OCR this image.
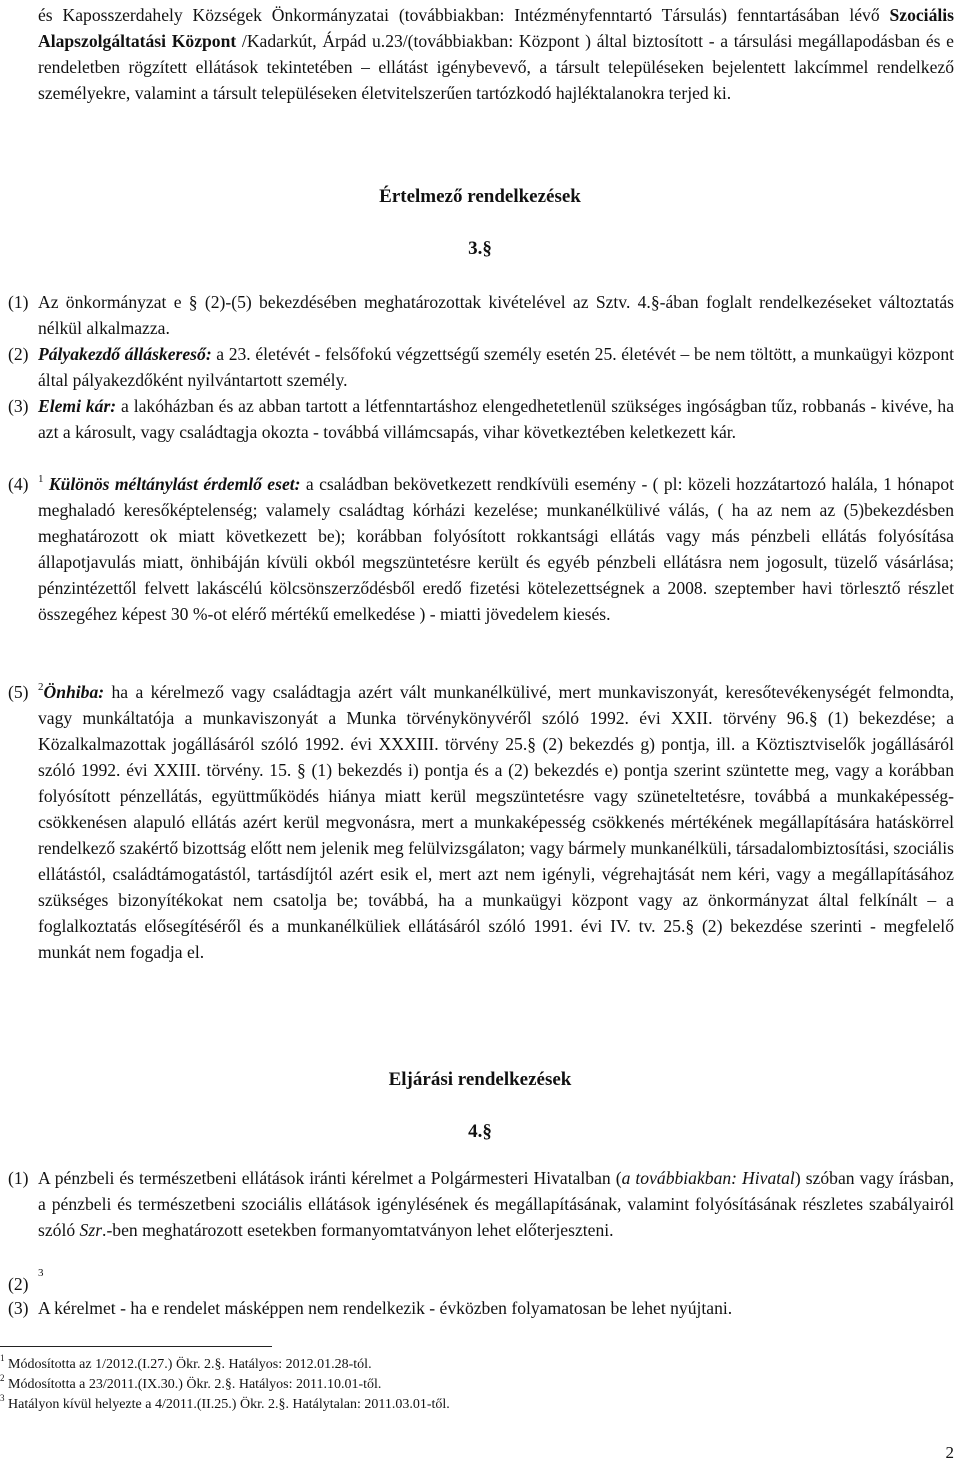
és Kaposszerdahely Községek Önkormányzatai (továbbiakban: Intézményfenntartó Társulás) fenntartásában lévő Szociális Alapszolgáltatási Központ /Kadarkút, Árpád u.23/(továbbiakban: Központ ) által biztosított - a társulási megállapodásban és e rendeletben rögzített ellátások tekintetében – ellátást igénybevevő, a társult településeken bejelentett lakcímmel rendelkező személyekre, valamint a társult településeken életvitelszerűen tartózkodó hajléktalanokra terjed ki.
Értelmező rendelkezések
3.§
(1) Az önkormányzat e § (2)-(5) bekezdésében meghatározottak kivételével az Sztv. 4.§-ában foglalt rendelkezéseket változtatás nélkül alkalmazza.
(2) Pályakezdő álláskereső: a 23. életévét - felsőfokú végzettségű személy esetén 25. életévét – be nem töltött, a munkaügyi központ által pályakezdőként nyilvántartott személy.
(3) Elemi kár: a lakóházban és az abban tartott a létfenntartáshoz elengedhetetlenül szükséges ingóságban tűz, robbanás - kivéve, ha azt a károsult, vagy családtagja okozta - továbbá villámcsapás, vihar következtében keletkezett kár.
(4) $^1$ Különös méltánylást érdemlő eset: a családban bekövetkezett rendkívüli esemény - ( pl: közeli hozzátartozó halála, 1 hónapot meghaladó keresőképtelenség; valamely családtag kórházi kezelése; munkanélkülivé válás, ( ha az nem az (5)bekezdésben meghatározott ok miatt következett be); korábban folyósított rokkantsági ellátás vagy más pénzbeli ellátás folyósítása állapotjavulás miatt, önhibáján kívüli okból megszüntetésre került és egyéb pénzbeli ellátásra nem jogosult, tüzelő vásárlása; pénzintézettől felvett lakáscélú kölcsönszerződésből eredő fizetési kötelezettségnek a 2008. szeptember havi törlesztő részlet összegéhez képest 30 %-ot elérő mértékű emelkedése ) - miatti jövedelem kiesés.
(5) $^2$Önhiba: ha a kérelmező vagy családtagja azért vált munkanélkülivé, mert munkaviszonyát, keresőtevékenységét felmondta, vagy munkáltatója a munkaviszonyát a Munka törvénykönyvéről szóló 1992. évi XXII. törvény 96.§ (1) bekezdése; a Közalkalmazottak jogállásáról szóló 1992. évi XXXIII. törvény 25.§ (2) bekezdés g) pontja, ill. a Köztisztviselők jogállásáról szóló 1992. évi XXIII. törvény. 15. § (1) bekezdés i) pontja és a (2) bekezdés e) pontja szerint szüntette meg, vagy a korábban folyósított pénzellátás, együttműködés hiánya miatt kerül megszüntetésre vagy szüneteltetésre, továbbá a munkaképesség-csökkenésen alapuló ellátás azért kerül megvonásra, mert a munkaképesség csökkenés mértékének megállapítására hatáskörrel rendelkező szakértő bizottság előtt nem jelenik meg felülvizsgálaton; vagy bármely munkanélküli, társadalombiztosítási, szociális ellátástól, családtámogatástól, tartásdíjtól azért esik el, mert azt nem igényli, végrehajtását nem kéri, vagy a megállapításához szükséges bizonyítékokat nem csatolja be; továbbá, ha a munkaügyi központ vagy az önkormányzat által felkínált – a foglalkoztatás elősegítéséről és a munkanélküliek ellátásáról szóló 1991. évi IV. tv. 25.§ (2) bekezdése szerinti - megfelelő munkát nem fogadja el.
Eljárási rendelkezések
4.§
(1) A pénzbeli és természetbeni ellátások iránti kérelmet a Polgármesteri Hivatalban (a továbbiakban: Hivatal) szóban vagy írásban, a pénzbeli és természetbeni szociális ellátások igénylésének és megállapításának, valamint folyósításának részletes szabályairól szóló Szr.-ben meghatározott esetekben formanyomtatványon lehet előterjeszteni.
(2)
$^3$
(3) A kérelmet - ha e rendelet másképpen nem rendelkezik - évközben folyamatosan be lehet nyújtani.
$^1$ Módosította az 1/2012.(I.27.) Ökr. 2.§. Hatályos: 2012.01.28-tól.
$^2$ Módosította a 23/2011.(IX.30.) Ökr. 2.§. Hatályos: 2011.10.01-től.
$^3$ Hatályon kívül helyezte a 4/2011.(II.25.) Ökr. 2.§. Hatálytalan: 2011.03.01-től.
2
